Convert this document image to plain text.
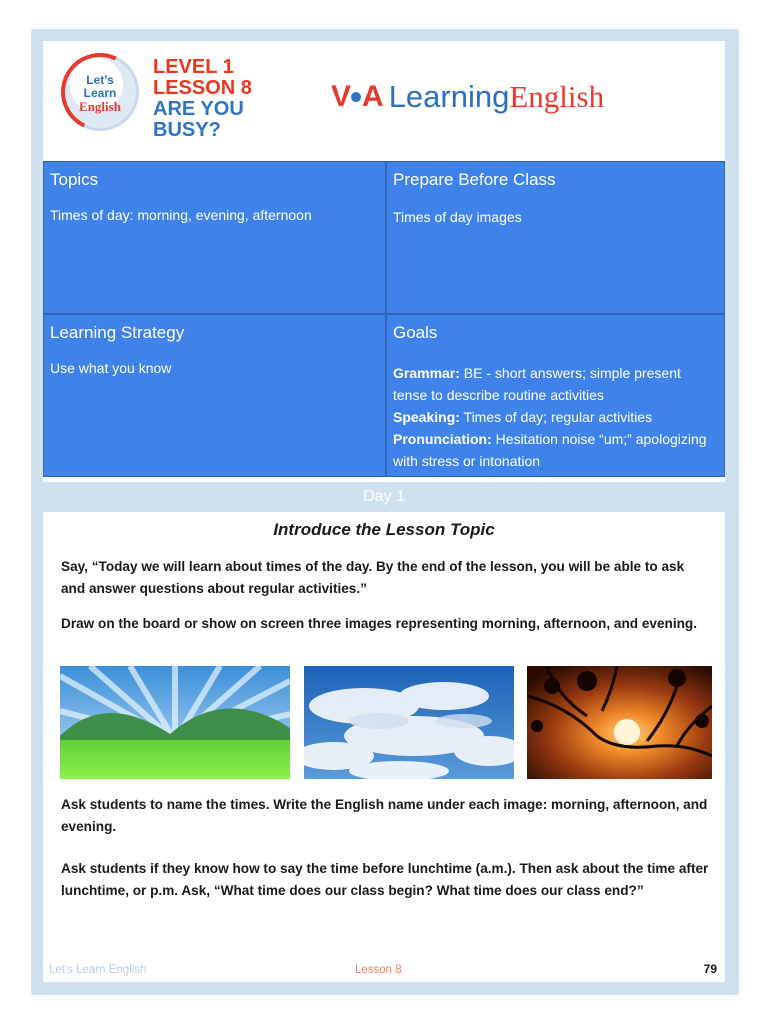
Let's
Learn
English
LEVEL 1
LESSON 8
ARE YOU
BUSY?
V A Learning English
Topics
Times of day: morning, evening, afternoon
Prepare Before Class
Times of day images
Learning Strategy
Use what you know
Goals
Grammar: BE - short answers; simple present tense to describe routine activities
Speaking: Times of day; regular activities
Pronunciation: Hesitation noise “um;” apologizing with stress or intonation
Day 1
Introduce the Lesson Topic
Say, “Today we will learn about times of the day. By the end of the lesson, you will be able to ask and answer questions about regular activities.”
Draw on the board or show on screen three images representing morning, afternoon, and evening.
Ask students to name the times. Write the English name under each image: morning, afternoon, and evening.
Ask students if they know how to say the time before lunchtime (a.m.). Then ask about the time after lunchtime, or p.m. Ask, “What time does our class begin? What time does our class end?”
Let's Learn English	Lesson 8	79
